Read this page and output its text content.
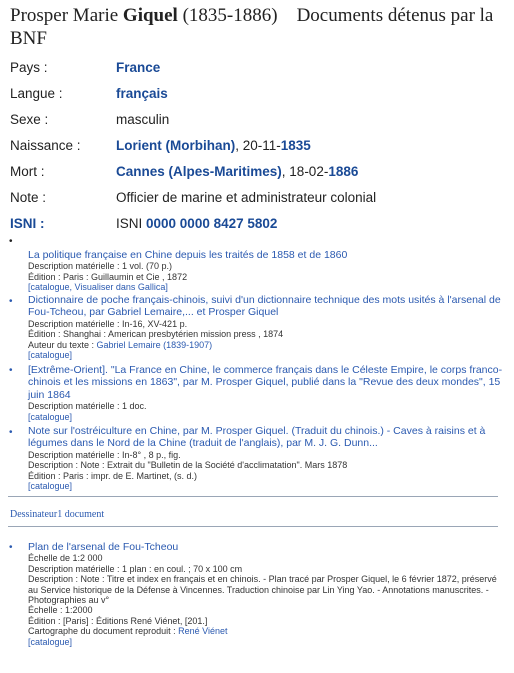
Prosper Marie Giquel (1835-1886) Documents détenus par la BNF
Pays :	France
Langue :	français
Sexe :	masculin
Naissance :	Lorient (Morbihan), 20-11-1835
Mort :	Cannes (Alpes-Maritimes), 18-02-1886
Note :	Officier de marine et administrateur colonial
ISNI :	ISNI 0000 0000 8427 5802
•
La politique française en Chine depuis les traités de 1858 et de 1860
Description matérielle : 1 vol. (70 p.)
Édition : Paris : Guillaumin et Cie , 1872
[catalogue, Visualiser dans Gallica]
• Dictionnaire de poche français-chinois, suivi d'un dictionnaire technique des mots usités à l'arsenal de Fou-Tcheou, par Gabriel Lemaire,... et Prosper Giquel
Description matérielle : In-16, XV-421 p.
Édition : Shanghai : American presbytérien mission press , 1874
Auteur du texte : Gabriel Lemaire (1839-1907)
[catalogue]
• [Extrême-Orient]. "La France en Chine, le commerce français dans le Céleste Empire, le corps franco-chinois et les missions en 1863", par M. Prosper Giquel, publié dans la "Revue des deux mondes", 15 juin 1864
Description matérielle : 1 doc.
[catalogue]
• Note sur l'ostréiculture en Chine, par M. Prosper Giquel. (Traduit du chinois.) - Caves à raisins et à légumes dans le Nord de la Chine (traduit de l'anglais), par M. J. G. Dunn...
Description matérielle : In-8° , 8 p., fig.
Description : Note : Extrait du "Bulletin de la Société d'acclimatation". Mars 1878
Édition : Paris : impr. de E. Martinet, (s. d.)
[catalogue]
Dessinateur1 document
• Plan de l'arsenal de Fou-Tcheou
Échelle de 1:2 000
Description matérielle : 1 plan : en coul. ; 70 x 100 cm
Description : Note : Titre et index en français et en chinois. - Plan tracé par Prosper Giquel, le 6 février 1872, préservé au Service historique de la Défense à Vincennes. Traduction chinoise par Lin Ying Yao. - Annotations manuscrites. - Photographies au v°
Échelle : 1:2000
Édition : [Paris] : Éditions René Viénet, [201.]
Cartographe du document reproduit : René Viénet
[catalogue]
